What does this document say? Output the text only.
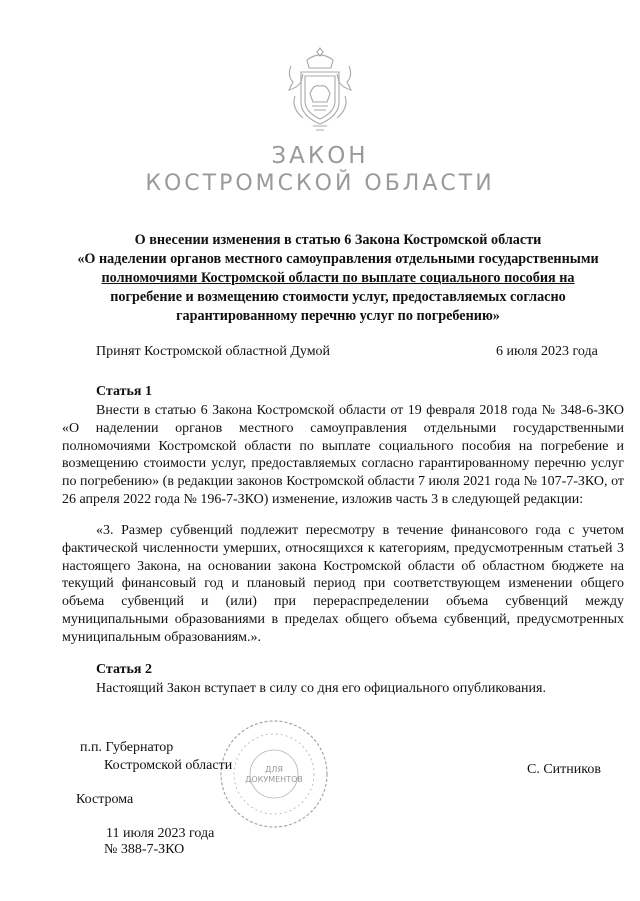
ЗАКОН
КОСТРОМСКОЙ ОБЛАСТИ
О внесении изменения в статью 6 Закона Костромской области
«О наделении органов местного самоуправления отдельными государственными
полномочиями Костромской области по выплате социального пособия на
погребение и возмещению стоимости услуг, предоставляемых согласно
гарантированному перечню услуг по погребению»
Принят Костромской областной Думой	6 июля 2023 года
Статья 1
Внести в статью 6 Закона Костромской области от 19 февраля 2018 года № 348-6-ЗКО «О наделении органов местного самоуправления отдельными государственными полномочиями Костромской области по выплате социального пособия на погребение и возмещению стоимости услуг, предоставляемых согласно гарантированному перечню услуг по погребению» (в редакции законов Костромской области 7 июля 2021 года № 107-7-ЗКО, от 26 апреля 2022 года № 196-7-ЗКО) изменение, изложив часть 3 в следующей редакции:
«3. Размер субвенций подлежит пересмотру в течение финансового года с учетом фактической численности умерших, относящихся к категориям, предусмотренным статьей 3 настоящего Закона, на основании закона Костромской области об областном бюджете на текущий финансовый год и плановый период при соответствующем изменении общего объема субвенций и (или) при перераспределении объема субвенций между муниципальными образованиями в пределах общего объема субвенций, предусмотренных муниципальным образованиям.».
Статья 2
Настоящий Закон вступает в силу со дня его официального опубликования.
ДЛЯ
ДОКУМЕНТОВ
п.п. Губернатор
Костромской области	С. Ситников
Кострома
11 июля 2023 года
№ 388-7-ЗКО
